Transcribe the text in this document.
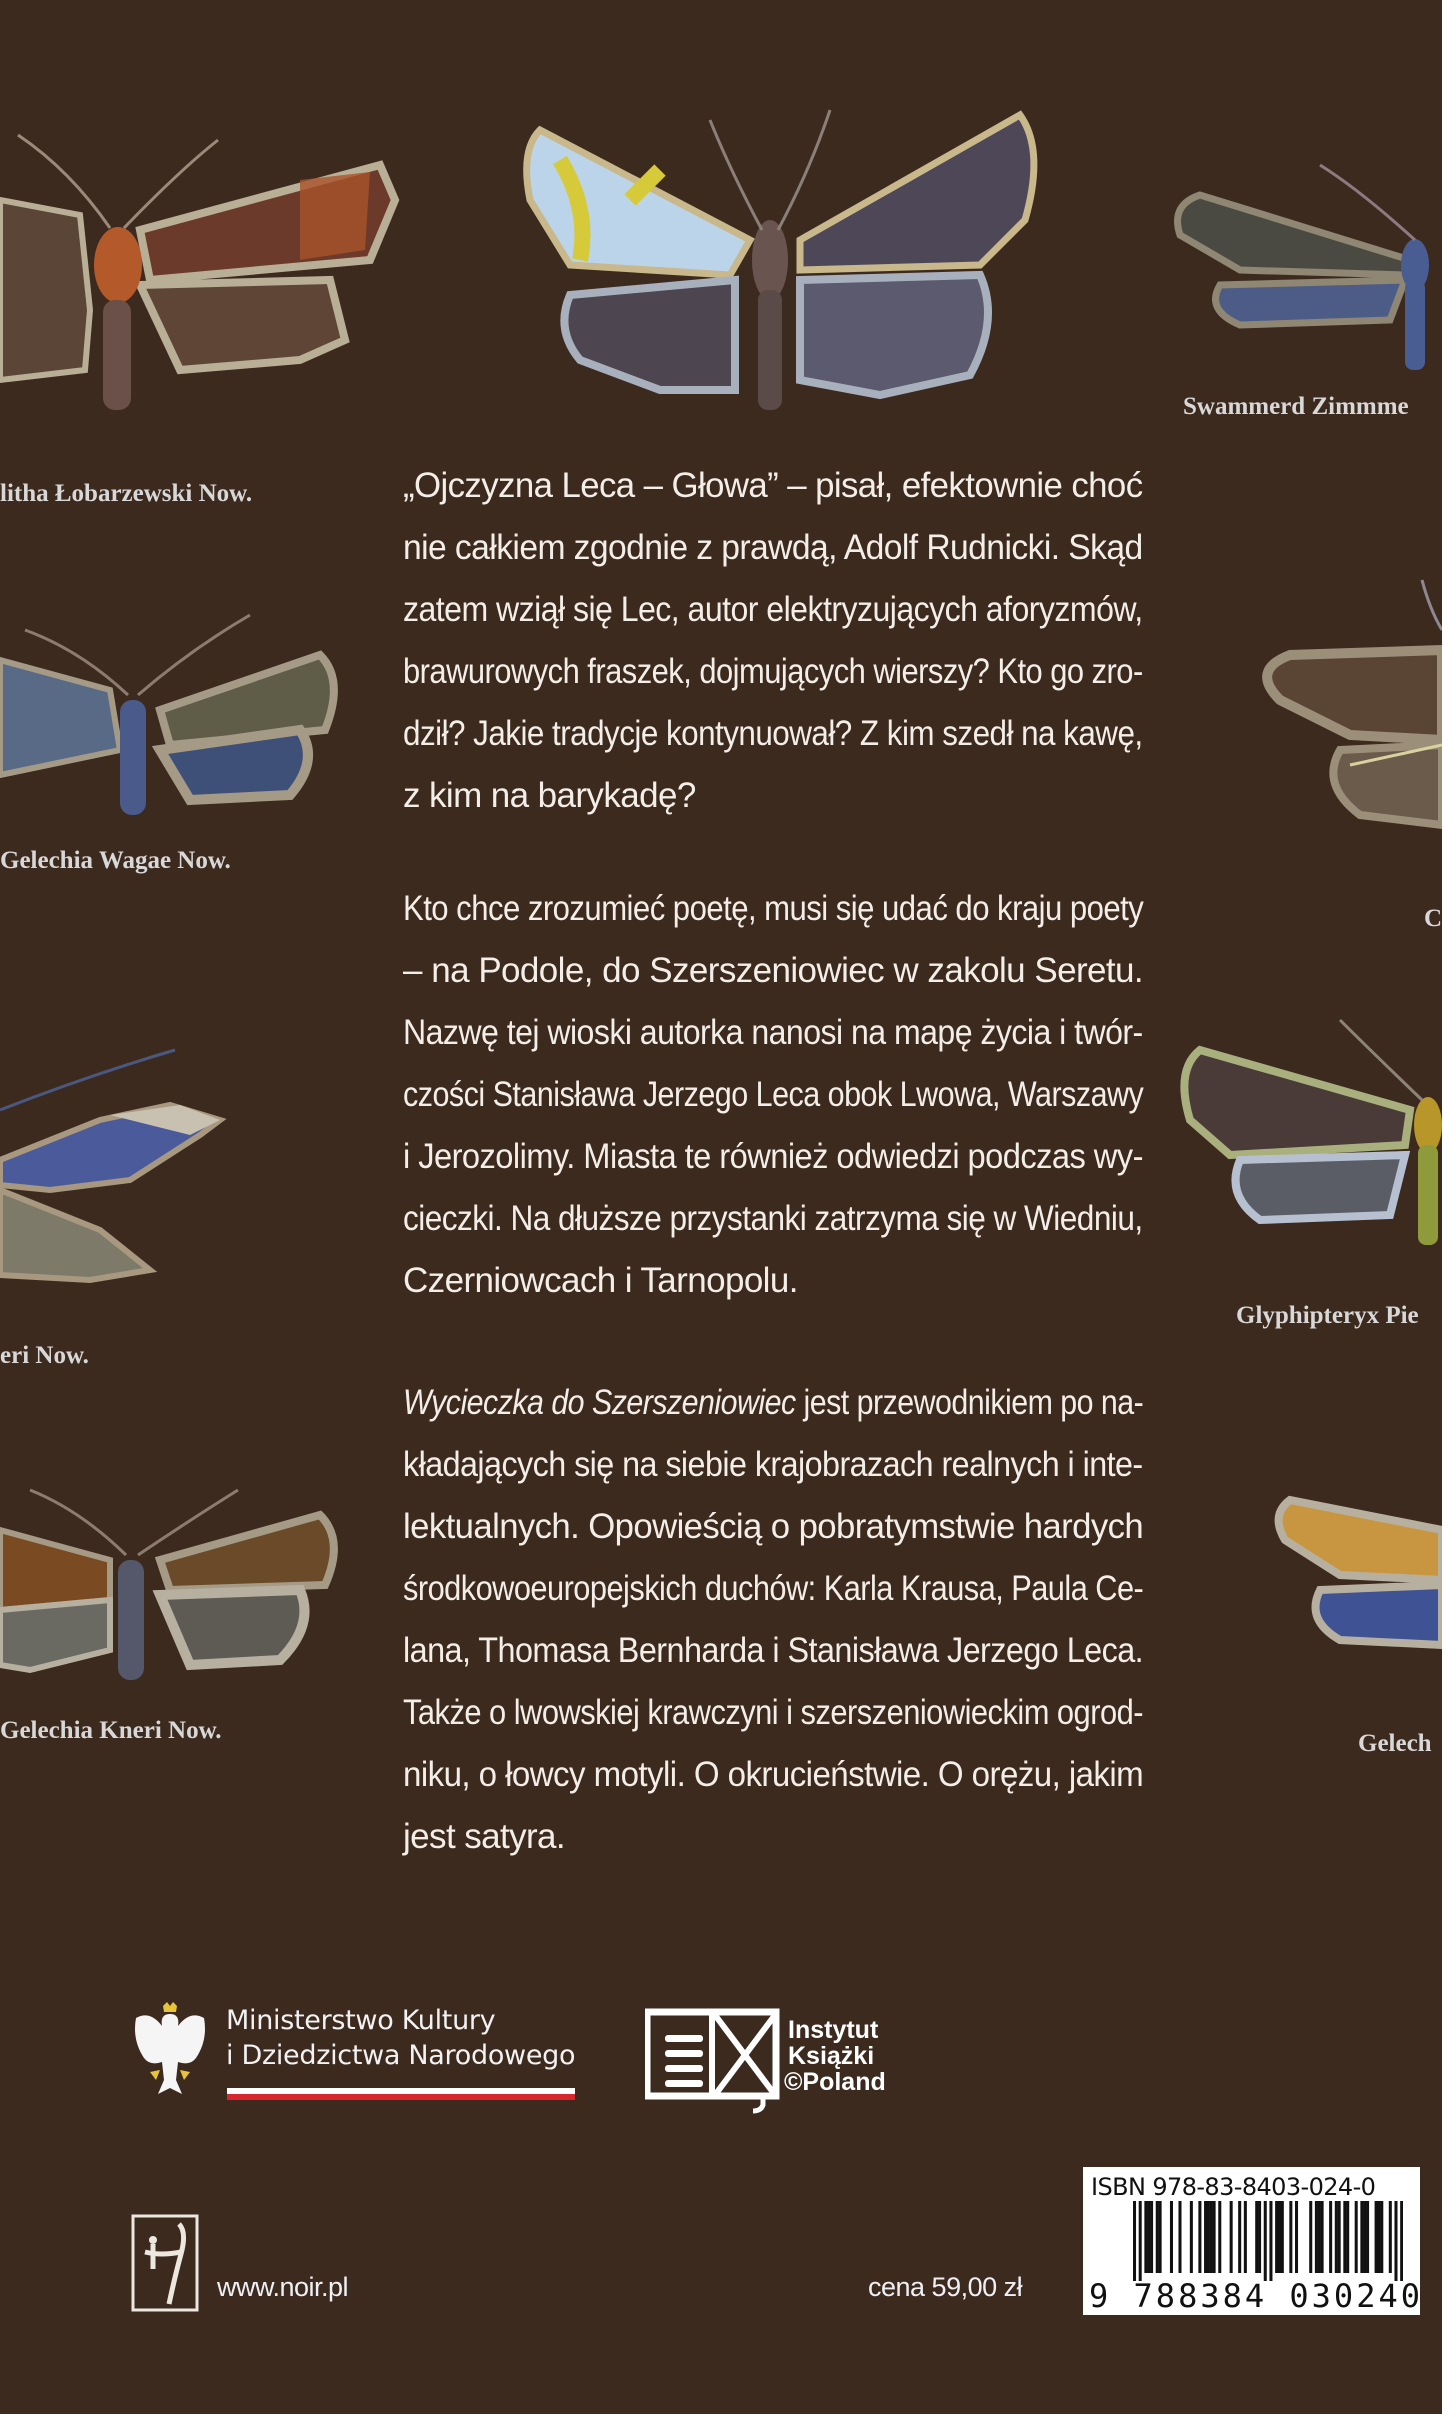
litha Łobarzewski Now.
Swammerd Zimmme
Gelechia Wagae Now.
C
eri Now.
Glyphipteryx Pie
Gelechia Kneri Now.	Gelech
„Ojczyzna Leca – Głowa” – pisał, efektownie choć
nie całkiem zgodnie z prawdą, Adolf Rudnicki. Skąd
zatem wziął się Lec, autor elektryzujących aforyzmów,
brawurowych fraszek, dojmujących wierszy? Kto go zro-
dził? Jakie tradycje kontynuował? Z kim szedł na kawę,
z kim na barykadę?
Kto chce zrozumieć poetę, musi się udać do kraju poety
– na Podole, do Szerszeniowiec w zakolu Seretu.
Nazwę tej wioski autorka nanosi na mapę życia i twór-
czości Stanisława Jerzego Leca obok Lwowa, Warszawy
i Jerozolimy. Miasta te również odwiedzi podczas wy-
cieczki. Na dłuższe przystanki zatrzyma się w Wiedniu,
Czerniowcach i Tarnopolu.
Wycieczka do Szerszeniowiec jest przewodnikiem po na-
kładających się na siebie krajobrazach realnych i inte-
lektualnych. Opowieścią o pobratymstwie hardych
środkowoeuropejskich duchów: Karla Krausa, Paula Ce-
lana, Thomasa Bernharda i Stanisława Jerzego Leca.
Także o lwowskiej krawczyni i szerszeniowieckim ogrod-
niku, o łowcy motyli. O okrucieństwie. O orężu, jakim
jest satyra.
Ministerstwo Kultury
i Dziedzictwa Narodowego
Instytut
Książki
©Poland
www.noir.pl	cena 59,00 zł
ISBN 978-83-8403-024-0
9 788384 030240
